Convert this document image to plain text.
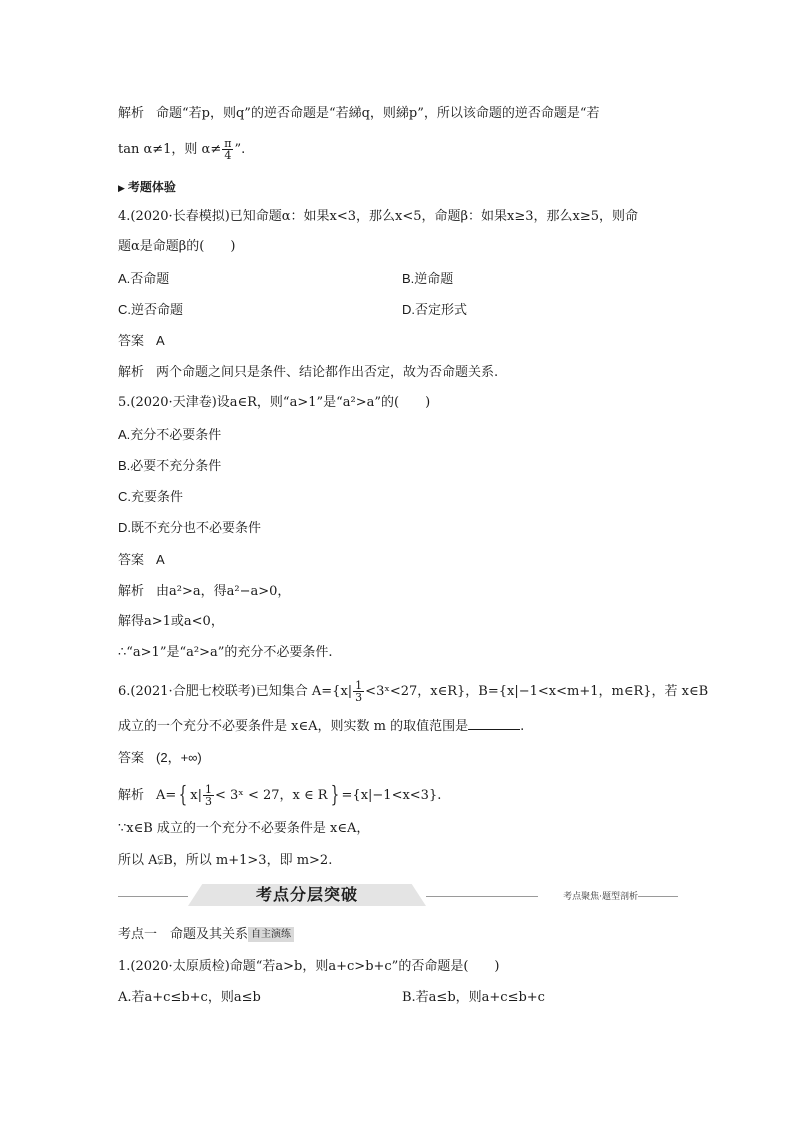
解析 命题“若p，则q”的逆否命题是“若綈q，则綈p”，所以该命题的逆否命题是“若
tan α≠1，则 $\alpha\ne \frac{\pi}{4}$ ”.
▶ 考题体验
4.(2020·长春模拟)已知命题α：如果x<3，那么x<5，命题β：如果x≥3，那么x≥5，则命
题α是命题β的(　　)
A.否命题	B.逆命题
C.逆否命题	D.否定形式
答案 A
解析 两个命题之间只是条件、结论都作出否定，故为否命题关系.
5.(2020·天津卷)设a∈R，则“a>1”是“a²>a”的(　　)
A.充分不必要条件
B.必要不充分条件
C.充要条件
D.既不充分也不必要条件
答案 A
解析 由a²>a，得a²−a>0，
解得a>1或a<0，
∴“a>1”是“a²>a”的充分不必要条件.
6.(2021·合肥七校联考)已知集合 $A=\{x| \frac{1}{3}$ <3ˣ<27，x∈R}，B={x|−1<x<m+1，m∈R}，若 x∈B
成立的一个充分不必要条件是 x∈A，则实数 m 的取值范围是	.
答案 (2，+∞)
解析 A= { $x| \frac{1}{3}$ < 3ˣ < 27，x ∈ R } ={x|−1<x<3}.
∵x∈B 成立的一个充分不必要条件是 x∈A，
所以 A⫋B，所以 m+1>3，即 m>2.
考点分层突破	考点聚焦·题型剖析
考点一　命题及其关系 自主演练
1.(2020·太原质检)命题“若a>b，则a+c>b+c”的否命题是(　　)
A.若a+c≤b+c，则a≤b	B.若a≤b，则a+c≤b+c
